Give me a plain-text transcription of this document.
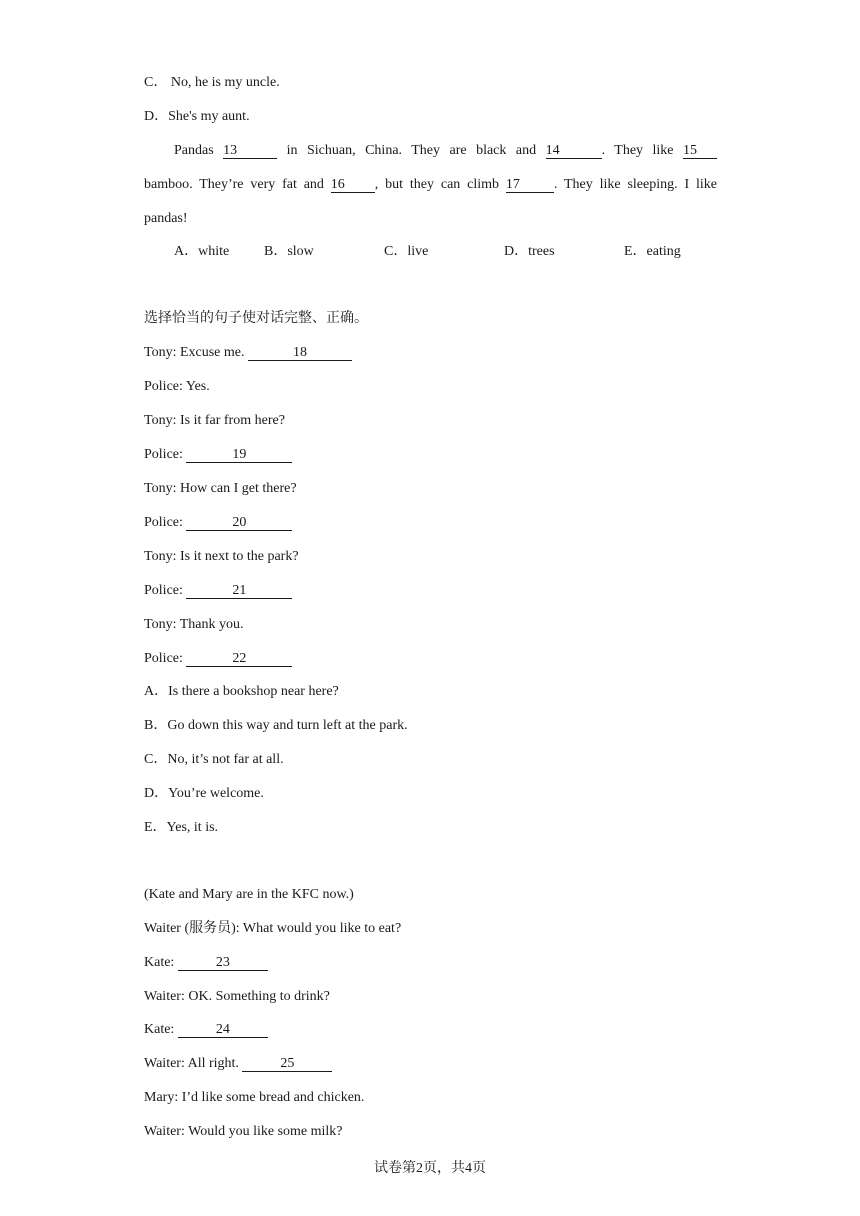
C． No, he is my uncle.
D．She's my aunt.
Pandas 13	in Sichuan, China. They are black and 14	. They like 15
bamboo. They’re very fat and 16 , but they can climb 17 . They like sleeping. I like
pandas!
A．white B．slow	C．live	D．trees	E．eating
选择恰当的句子使对话完整、正确。
Tony: Excuse me.	18
Police: Yes.
Tony: Is it far from here?
Police:	19
Tony: How can I get there?
Police:	20
Tony: Is it next to the park?
Police:	21
Tony: Thank you.
Police:	22
A．Is there a bookshop near here?
B．Go down this way and turn left at the park.
C．No, it’s not far at all.
D．You’re welcome.
E．Yes, it is.
(Kate and Mary are in the KFC now.)
Waiter (服务员): What would you like to eat?
Kate:	23
Waiter: OK. Something to drink?
Kate:	24
Waiter: All right.	25
Mary: I’d like some bread and chicken.
Waiter: Would you like some milk?
试卷第2页，共4页
